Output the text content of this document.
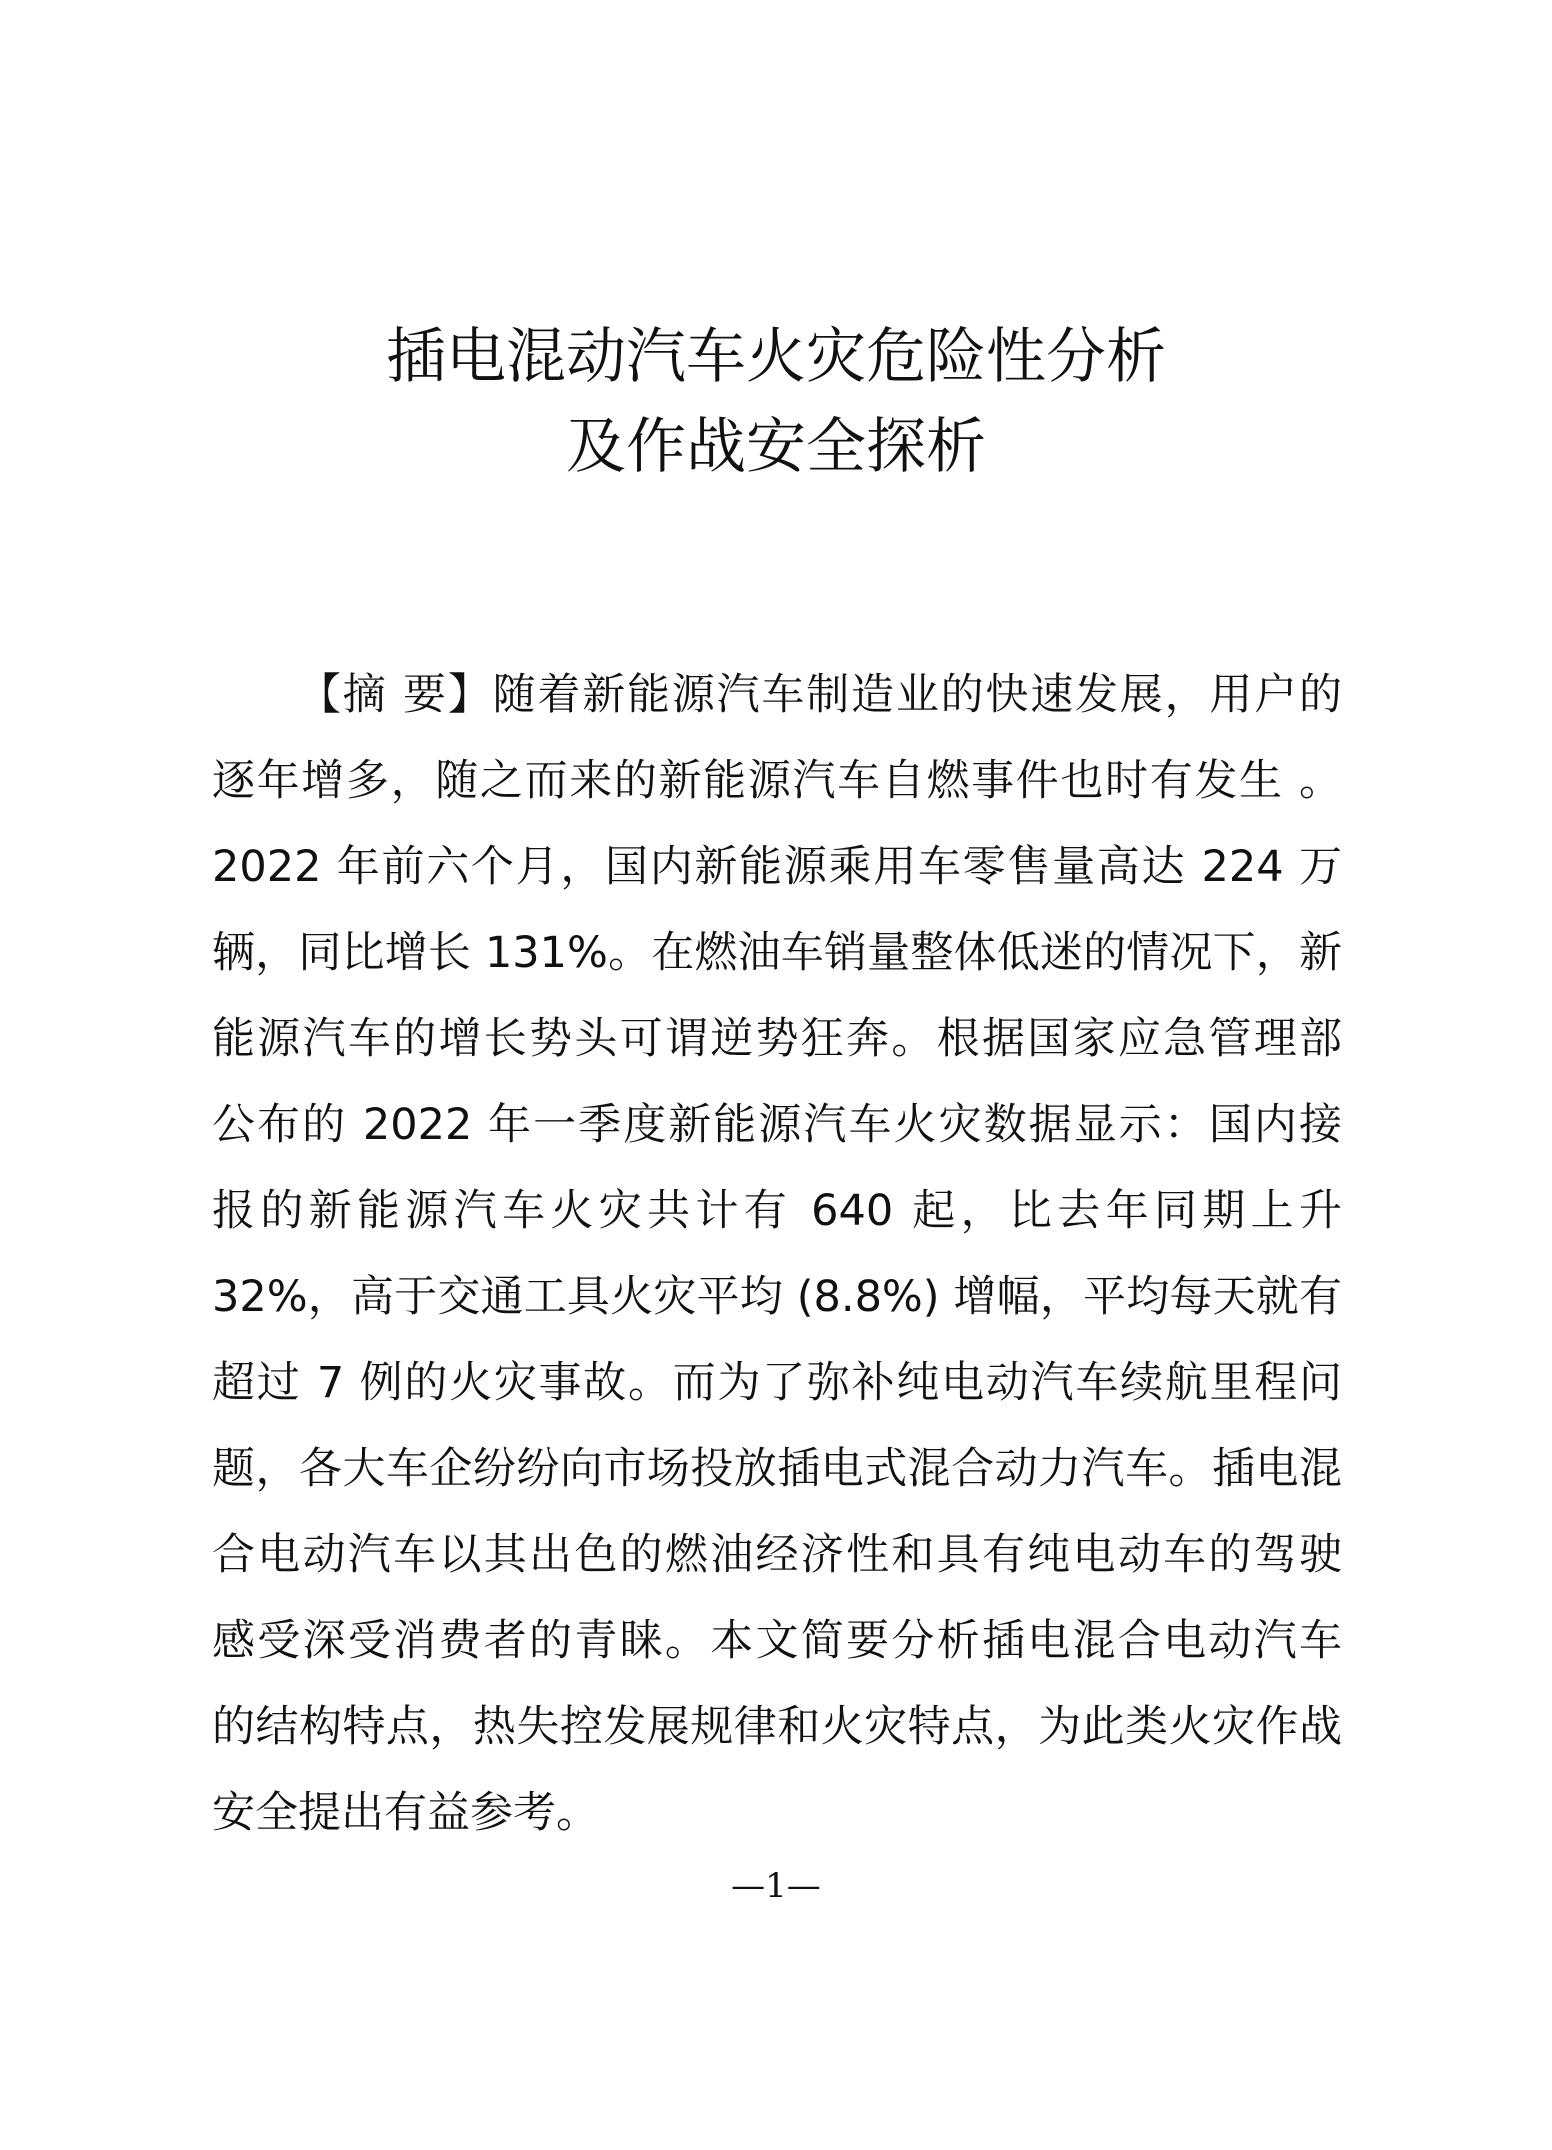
插电混动汽车火灾危险性分析
及作战安全探析
【摘 要】随着新能源汽车制造业的快速发展，用户的
逐年增多，随之而来的新能源汽车自燃事件也时有发生 。
2022 年前六个月，国内新能源乘用车零售量高达 224 万
辆，同比增长 131%。在燃油车销量整体低迷的情况下，新
能源汽车的增长势头可谓逆势狂奔。根据国家应急管理部
公布的 2022 年一季度新能源汽车火灾数据显示：国内接
报的新能源汽车火灾共计有 640 起，比去年同期上升
32%，高于交通工具火灾平均 (8.8%) 增幅，平均每天就有
超过 7 例的火灾事故。而为了弥补纯电动汽车续航里程问
题，各大车企纷纷向市场投放插电式混合动力汽车。插电混
合电动汽车以其出色的燃油经济性和具有纯电动车的驾驶
感受深受消费者的青睐。本文简要分析插电混合电动汽车
的结构特点，热失控发展规律和火灾特点，为此类火灾作战
安全提出有益参考。
—1—
